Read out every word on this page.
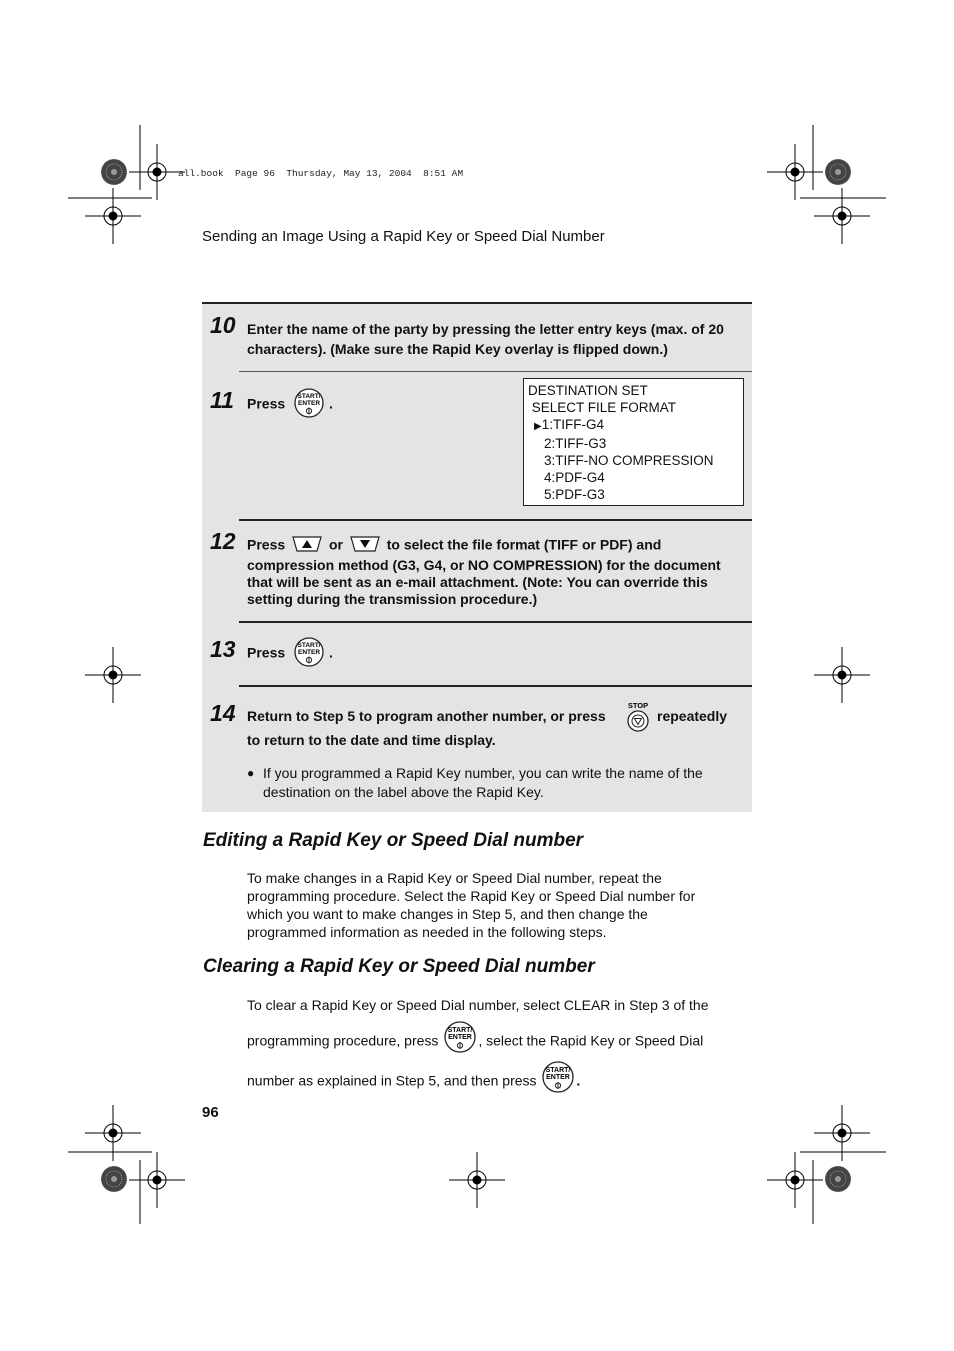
all.book  Page 96  Thursday, May 13, 2004  8:51 AM
Sending an Image Using a Rapid Key or Speed Dial Number
10 Enter the name of the party by pressing the letter entry keys (max. of 20 characters). (Make sure the Rapid Key overlay is flipped down.)
11 Press START/
ENTER .
DESTINATION SET
SELECT FILE FORMAT
▶1:TIFF-G4
2:TIFF-G3
3:TIFF-NO COMPRESSION
4:PDF-G4
5:PDF-G3
12 Press	or	to select the file format (TIFF or PDF) and compression method (G3, G4, or NO COMPRESSION) for the document that will be sent as an e-mail attachment. (Note: You can override this setting during the transmission procedure.)
13 Press START/
ENTER .
14 Return to Step 5 to program another number, or press
STOP
repeatedly
to return to the date and time display.
● If you programmed a Rapid Key number, you can write the name of the destination on the label above the Rapid Key.
Editing a Rapid Key or Speed Dial number
To make changes in a Rapid Key or Speed Dial number, repeat the
programming procedure. Select the Rapid Key or Speed Dial number for
which you want to make changes in Step 5, and then change the
programmed information as needed in the following steps.
Clearing a Rapid Key or Speed Dial number
To clear a Rapid Key or Speed Dial number, select CLEAR in Step 3 of the
programming procedure, press
START/
ENTER , select the Rapid Key or Speed Dial
number as explained in Step 5, and then press
START/
ENTER .
96
